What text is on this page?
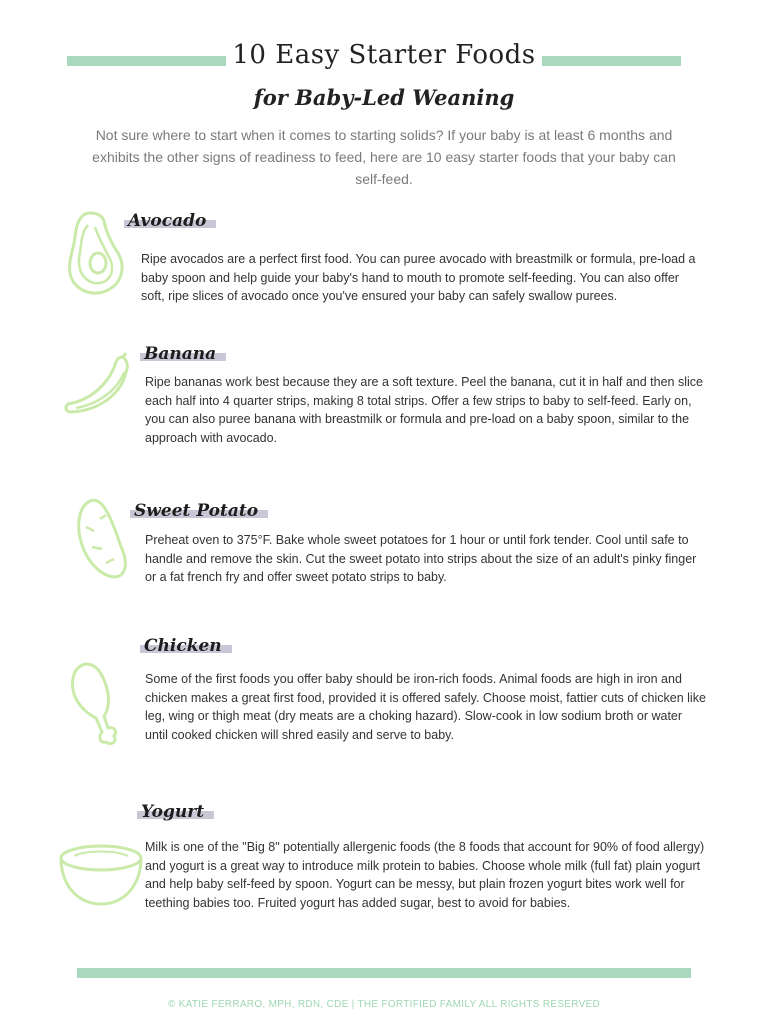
10 Easy Starter Foods
for Baby-Led Weaning
Not sure where to start when it comes to starting solids? If your baby is at least 6 months and exhibits the other signs of readiness to feed, here are 10 easy starter foods that your baby can self-feed.
Avocado
Ripe avocados are a perfect first food. You can puree avocado with breastmilk or formula, pre-load a baby spoon and help guide your baby's hand to mouth to promote self-feeding. You can also offer soft, ripe slices of avocado once you've ensured your baby can safely swallow purees.
Banana
Ripe bananas work best because they are a soft texture. Peel the banana, cut it in half and then slice each half into 4 quarter strips, making 8 total strips. Offer a few strips to baby to self-feed. Early on, you can also puree banana with breastmilk or formula and pre-load on a baby spoon, similar to the approach with avocado.
Sweet Potato
Preheat oven to 375°F. Bake whole sweet potatoes for 1 hour or until fork tender. Cool until safe to handle and remove the skin. Cut the sweet potato into strips about the size of an adult's pinky finger or a fat french fry and offer sweet potato strips to baby.
Chicken
Some of the first foods you offer baby should be iron-rich foods. Animal foods are high in iron and chicken makes a great first food, provided it is offered safely. Choose moist, fattier cuts of chicken like leg, wing or thigh meat (dry meats are a choking hazard). Slow-cook in low sodium broth or water until cooked chicken will shred easily and serve to baby.
Yogurt
Milk is one of the "Big 8" potentially allergenic foods (the 8 foods that account for 90% of food allergy) and yogurt is a great way to introduce milk protein to babies. Choose whole milk (full fat) plain yogurt and help baby self-feed by spoon. Yogurt can be messy, but plain frozen yogurt bites work well for teething babies too. Fruited yogurt has added sugar, best to avoid for babies.
© KATIE FERRARO, MPH, RDN, CDE | THE FORTIFIED FAMILY ALL RIGHTS RESERVED
